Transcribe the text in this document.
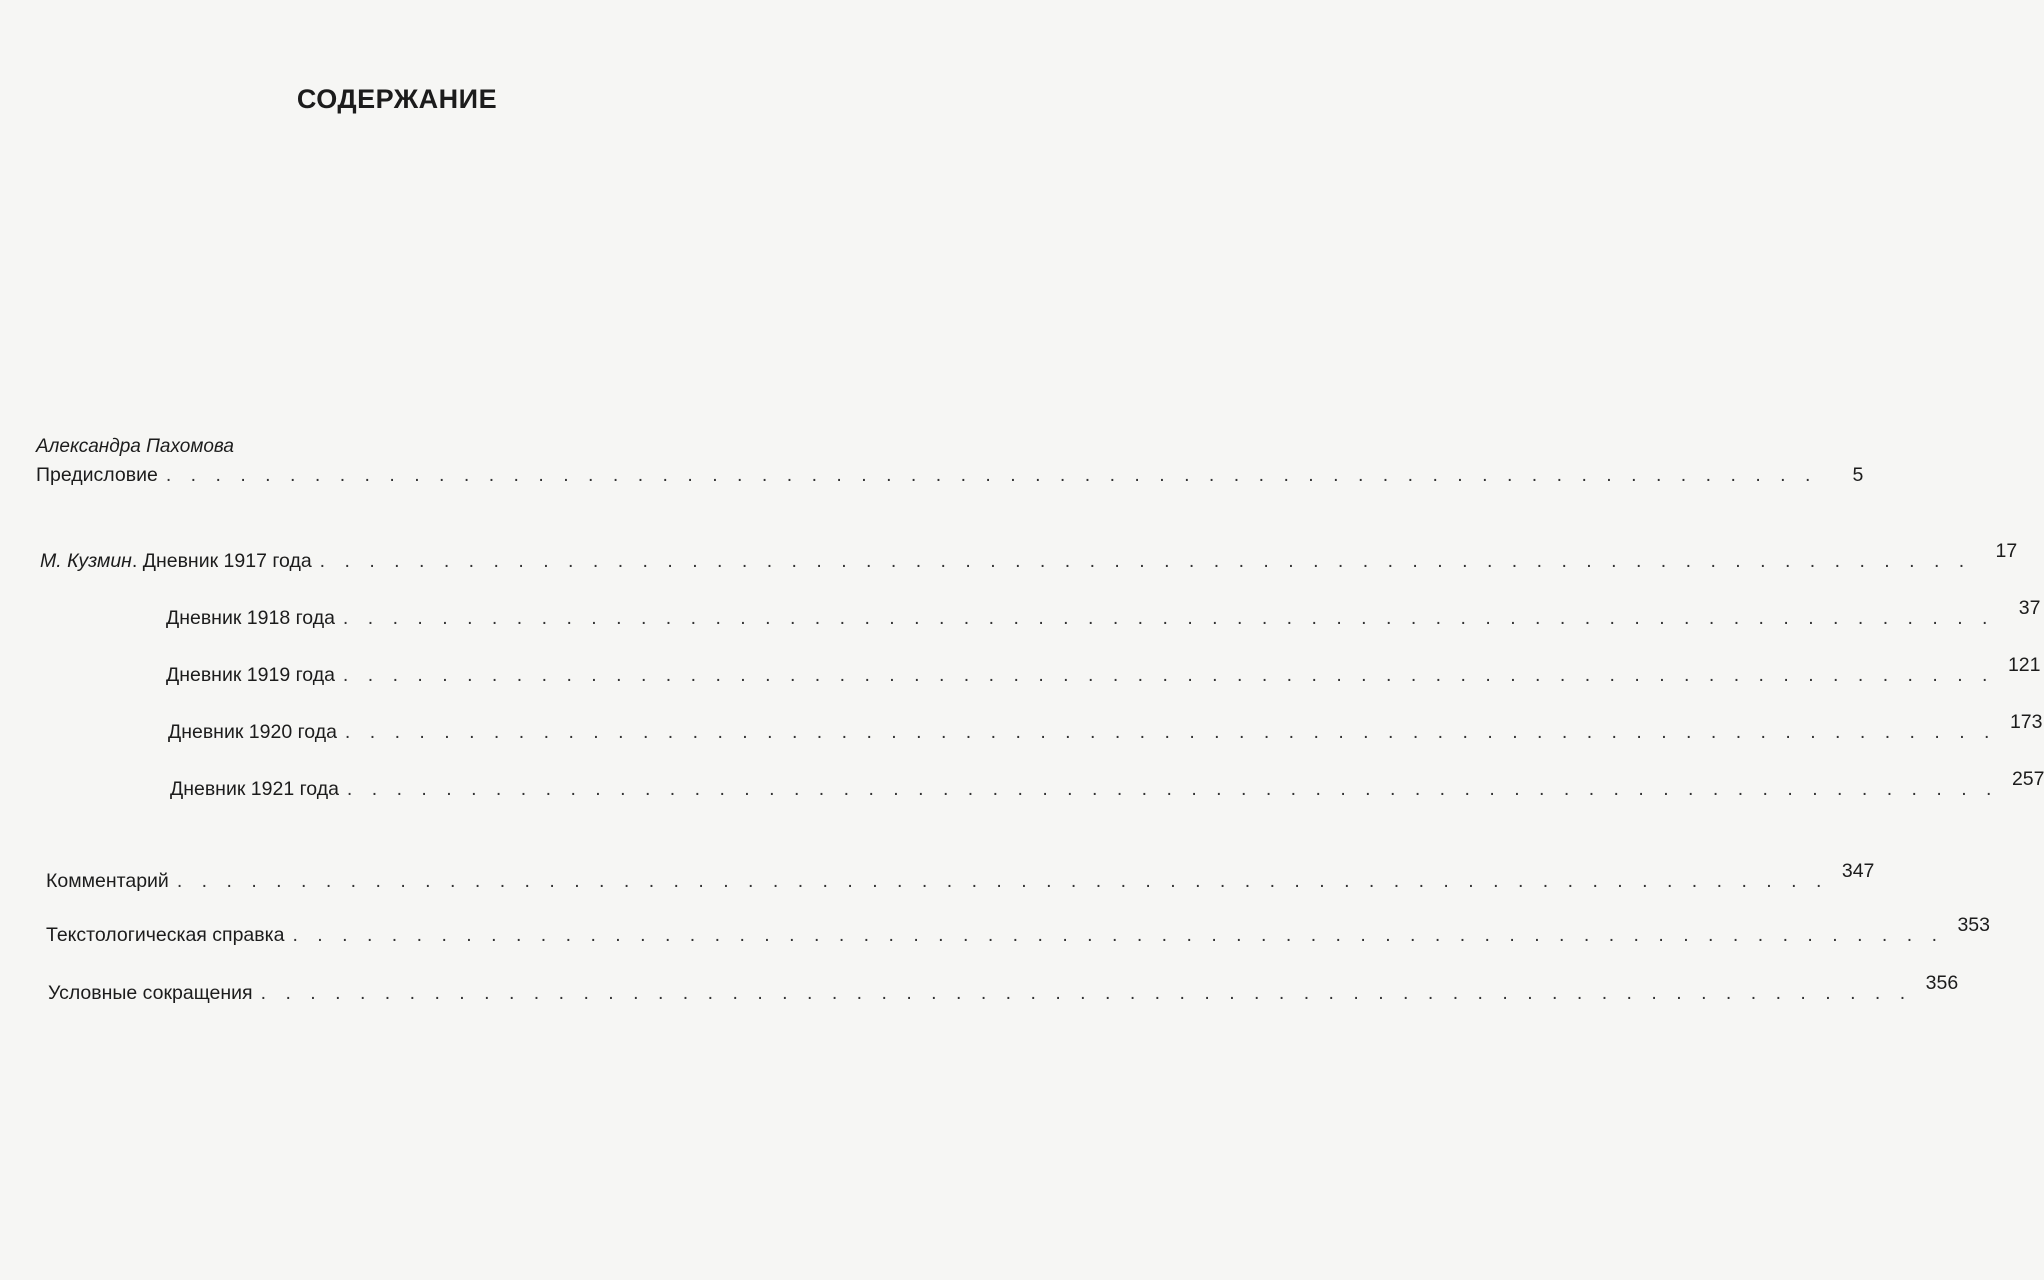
СОДЕРЖАНИЕ
Александра Пахомова
Предисловие . . . . . . . . . . . . . . . . . . . . . . . . . . . . . . . . . . . . . . . . . . . . . . . . . . . . . . . . . . . . . . . . . . .	5
М. Кузмин. Дневник 1917 года . . . . . . . . . . . . . . . . . . . . . . . . . . . . . . . . . . . . . . . . . . . . . . . . . . . . . . . . . . . . . . . . . . .	17
Дневник 1918 года . . . . . . . . . . . . . . . . . . . . . . . . . . . . . . . . . . . . . . . . . . . . . . . . . . . . . . . . . . . . . . . . . . .	37
Дневник 1919 года . . . . . . . . . . . . . . . . . . . . . . . . . . . . . . . . . . . . . . . . . . . . . . . . . . . . . . . . . . . . . . . . . . . 121
Дневник 1920 года . . . . . . . . . . . . . . . . . . . . . . . . . . . . . . . . . . . . . . . . . . . . . . . . . . . . . . . . . . . . . . . . . . . 173
Дневник 1921 года . . . . . . . . . . . . . . . . . . . . . . . . . . . . . . . . . . . . . . . . . . . . . . . . . . . . . . . . . . . . . . . . . . . 257
Комментарий . . . . . . . . . . . . . . . . . . . . . . . . . . . . . . . . . . . . . . . . . . . . . . . . . . . . . . . . . . . . . . . . . . . 347
Текстологическая справка . . . . . . . . . . . . . . . . . . . . . . . . . . . . . . . . . . . . . . . . . . . . . . . . . . . . . . . . . . . . . . . . . . . 353
Условные сокращения . . . . . . . . . . . . . . . . . . . . . . . . . . . . . . . . . . . . . . . . . . . . . . . . . . . . . . . . . . . . . . . . . . . 356
